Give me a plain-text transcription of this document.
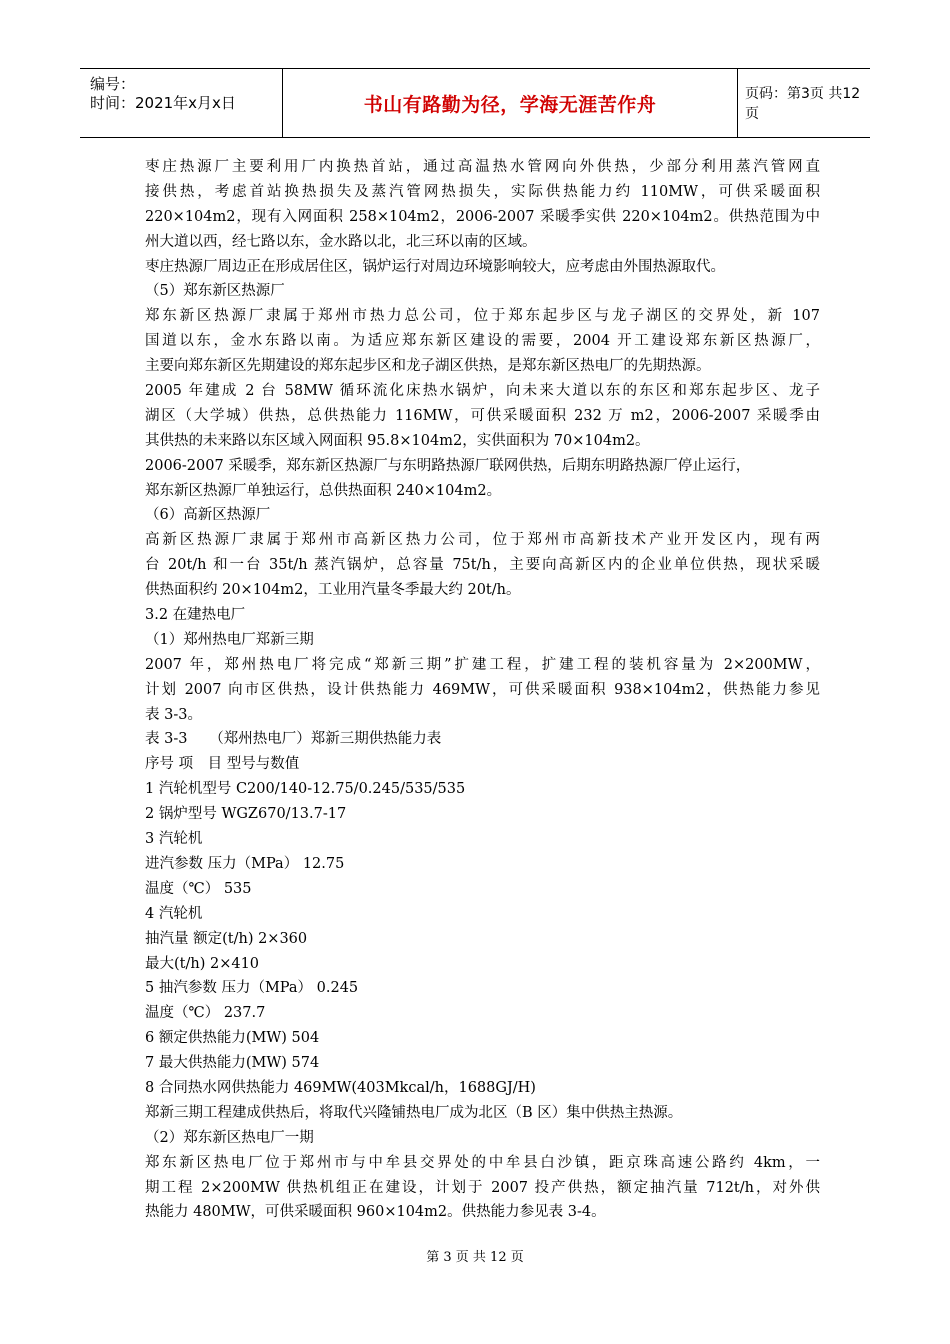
编号：
时间：2021年x月x日	书山有路勤为径，学海无涯苦作舟	页码：第3页 共12页
枣庄热源厂主要利用厂内换热首站，通过高温热水管网向外供热，少部分利用蒸汽管网直
接供热，考虑首站换热损失及蒸汽管网热损失，实际供热能力约 110MW，可供采暖面积
220×104m2，现有入网面积 258×104m2，2006-2007 采暖季实供 220×104m2。供热范围为中
州大道以西，经七路以东，金水路以北，北三环以南的区域。
枣庄热源厂周边正在形成居住区，锅炉运行对周边环境影响较大，应考虑由外围热源取代。
（5）郑东新区热源厂
郑东新区热源厂隶属于郑州市热力总公司，位于郑东起步区与龙子湖区的交界处，新 107
国道以东，金水东路以南。为适应郑东新区建设的需要，2004 开工建设郑东新区热源厂，
主要向郑东新区先期建设的郑东起步区和龙子湖区供热，是郑东新区热电厂的先期热源。
2005 年建成 2 台 58MW 循环流化床热水锅炉，向未来大道以东的东区和郑东起步区、龙子
湖区（大学城）供热，总供热能力 116MW，可供采暖面积 232 万 m2，2006-2007 采暖季由
其供热的未来路以东区域入网面积 95.8×104m2，实供面积为 70×104m2。
2006-2007 采暖季，郑东新区热源厂与东明路热源厂联网供热，后期东明路热源厂停止运行，
郑东新区热源厂单独运行，总供热面积 240×104m2。
（6）高新区热源厂
高新区热源厂隶属于郑州市高新区热力公司，位于郑州市高新技术产业开发区内，现有两
台 20t/h 和一台 35t/h 蒸汽锅炉，总容量 75t/h，主要向高新区内的企业单位供热，现状采暖
供热面积约 20×104m2，工业用汽量冬季最大约 20t/h。
3.2 在建热电厂
（1）郑州热电厂郑新三期
2007 年，郑州热电厂将完成“郑新三期”扩建工程，扩建工程的装机容量为 2×200MW，
计划 2007 向市区供热，设计供热能力 469MW，可供采暖面积 938×104m2，供热能力参见
表 3-3。
表 3-3　　（郑州热电厂）郑新三期供热能力表
序号 项　目 型号与数值
1 汽轮机型号 C200/140-12.75/0.245/535/535
2 锅炉型号 WGZ670/13.7-17
3 汽轮机
进汽参数 压力（MPa） 12.75
温度（℃） 535
4 汽轮机
抽汽量 额定(t/h) 2×360
最大(t/h) 2×410
5 抽汽参数 压力（MPa） 0.245
温度（℃） 237.7
6 额定供热能力(MW) 504
7 最大供热能力(MW) 574
8 合同热水网供热能力 469MW(403Mkcal/h，1688GJ/H)
郑新三期工程建成供热后，将取代兴隆铺热电厂成为北区（B 区）集中供热主热源。
（2）郑东新区热电厂一期
郑东新区热电厂位于郑州市与中牟县交界处的中牟县白沙镇，距京珠高速公路约 4km，一
期工程 2×200MW 供热机组正在建设，计划于 2007 投产供热，额定抽汽量 712t/h，对外供
热能力 480MW，可供采暖面积 960×104m2。供热能力参见表 3-4。
第 3 页 共 12 页
